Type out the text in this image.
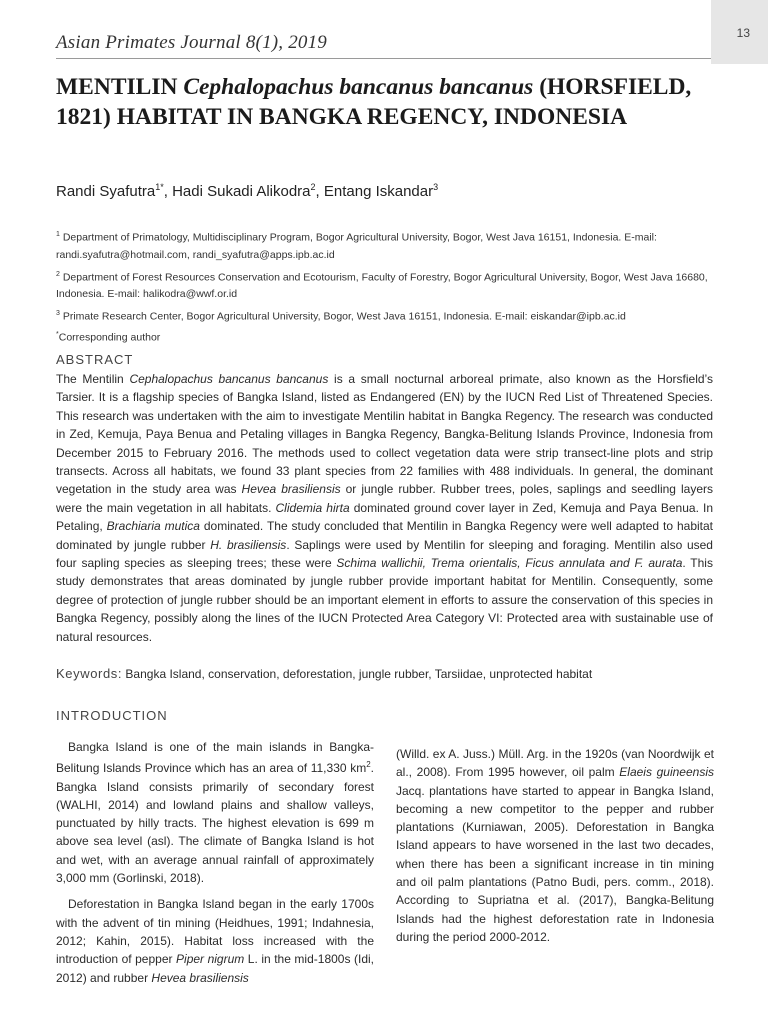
13
Asian Primates Journal 8(1), 2019
MENTILIN Cephalopachus bancanus bancanus (HORSFIELD, 1821) HABITAT IN BANGKA REGENCY, INDONESIA
Randi Syafutra$^{1*}$, Hadi Sukadi Alikodra$^2$, Entang Iskandar$^3$

$^1$ Department of Primatology, Multidisciplinary Program, Bogor Agricultural University, Bogor, West Java 16151, Indonesia. E-mail: randi.syafutra@hotmail.com, randi_syafutra@apps.ipb.ac.id

$^2$ Department of Forest Resources Conservation and Ecotourism, Faculty of Forestry, Bogor Agricultural University, Bogor, West Java 16680, Indonesia. E-mail: halikodra@wwf.or.id

$^3$ Primate Research Center, Bogor Agricultural University, Bogor, West Java 16151, Indonesia. E-mail: eiskandar@ipb.ac.id

*Corresponding author

ABSTRACT

The Mentilin Cephalopachus bancanus bancanus is a small nocturnal arboreal primate, also known as the Horsfield’s Tarsier. It is a flagship species of Bangka Island, listed as Endangered (EN) by the IUCN Red List of Threatened Species. This research was undertaken with the aim to investigate Mentilin habitat in Bangka Regency. The research was conducted in Zed, Kemuja, Paya Benua and Petaling villages in Bangka Regency, Bangka-Belitung Islands Province, Indonesia from December 2015 to February 2016. The methods used to collect vegetation data were strip transect-line plots and strip transects. Across all habitats, we found 33 plant species from 22 families with 488 individuals. In general, the dominant vegetation in the study area was Hevea brasiliensis or jungle rubber. Rubber trees, poles, saplings and seedling layers were the main vegetation in all habitats. Clidemia hirta dominated ground cover layer in Zed, Kemuja and Paya Benua. In Petaling, Brachiaria mutica dominated. The study concluded that Mentilin in Bangka Regency were well adapted to habitat dominated by jungle rubber H. brasiliensis. Saplings were used by Mentilin for sleeping and foraging. Mentilin also used four sapling species as sleeping trees; these were Schima wallichii, Trema orientalis, Ficus annulata and F. aurata. This study demonstrates that areas dominated by jungle rubber provide important habitat for Mentilin. Consequently, some degree of protection of jungle rubber should be an important element in efforts to assure the conservation of this species in Bangka Regency, possibly along the lines of the IUCN Protected Area Category VI: Protected area with sustainable use of natural resources.

Keywords: Bangka Island, conservation, deforestation, jungle rubber, Tarsiidae, unprotected habitat
INTRODUCTION

Bangka Island is one of the main islands in Bangka-Belitung Islands Province which has an area of 11,330 $km^2$. Bangka Island consists primarily of secondary forest (WALHI, 2014) and lowland plains and shallow valleys, punctuated by hilly tracts. The highest elevation is 699 m above sea level (asl). The climate of Bangka Island is hot and wet, with an average annual rainfall of approximately 3,000 mm (Gorlinski, 2018).

Deforestation in Bangka Island began in the early 1700s with the advent of tin mining (Heidhues, 1991; Indahnesia, 2012; Kahin, 2015). Habitat loss increased with the introduction of pepper Piper nigrum L. in the mid-1800s (Idi, 2012) and rubber Hevea brasiliensis

(Willd. ex A. Juss.) Müll. Arg. in the 1920s (van Noordwijk et al., 2008). From 1995 however, oil palm Elaeis guineensis Jacq. plantations have started to appear in Bangka Island, becoming a new competitor to the pepper and rubber plantations (Kurniawan, 2005). Deforestation in Bangka Island appears to have worsened in the last two decades, when there has been a significant increase in tin mining and oil palm plantations (Patno Budi, pers. comm., 2018). According to Supriatna et al. (2017), Bangka-Belitung Islands had the highest deforestation rate in Indonesia during the period 2000-2012.
